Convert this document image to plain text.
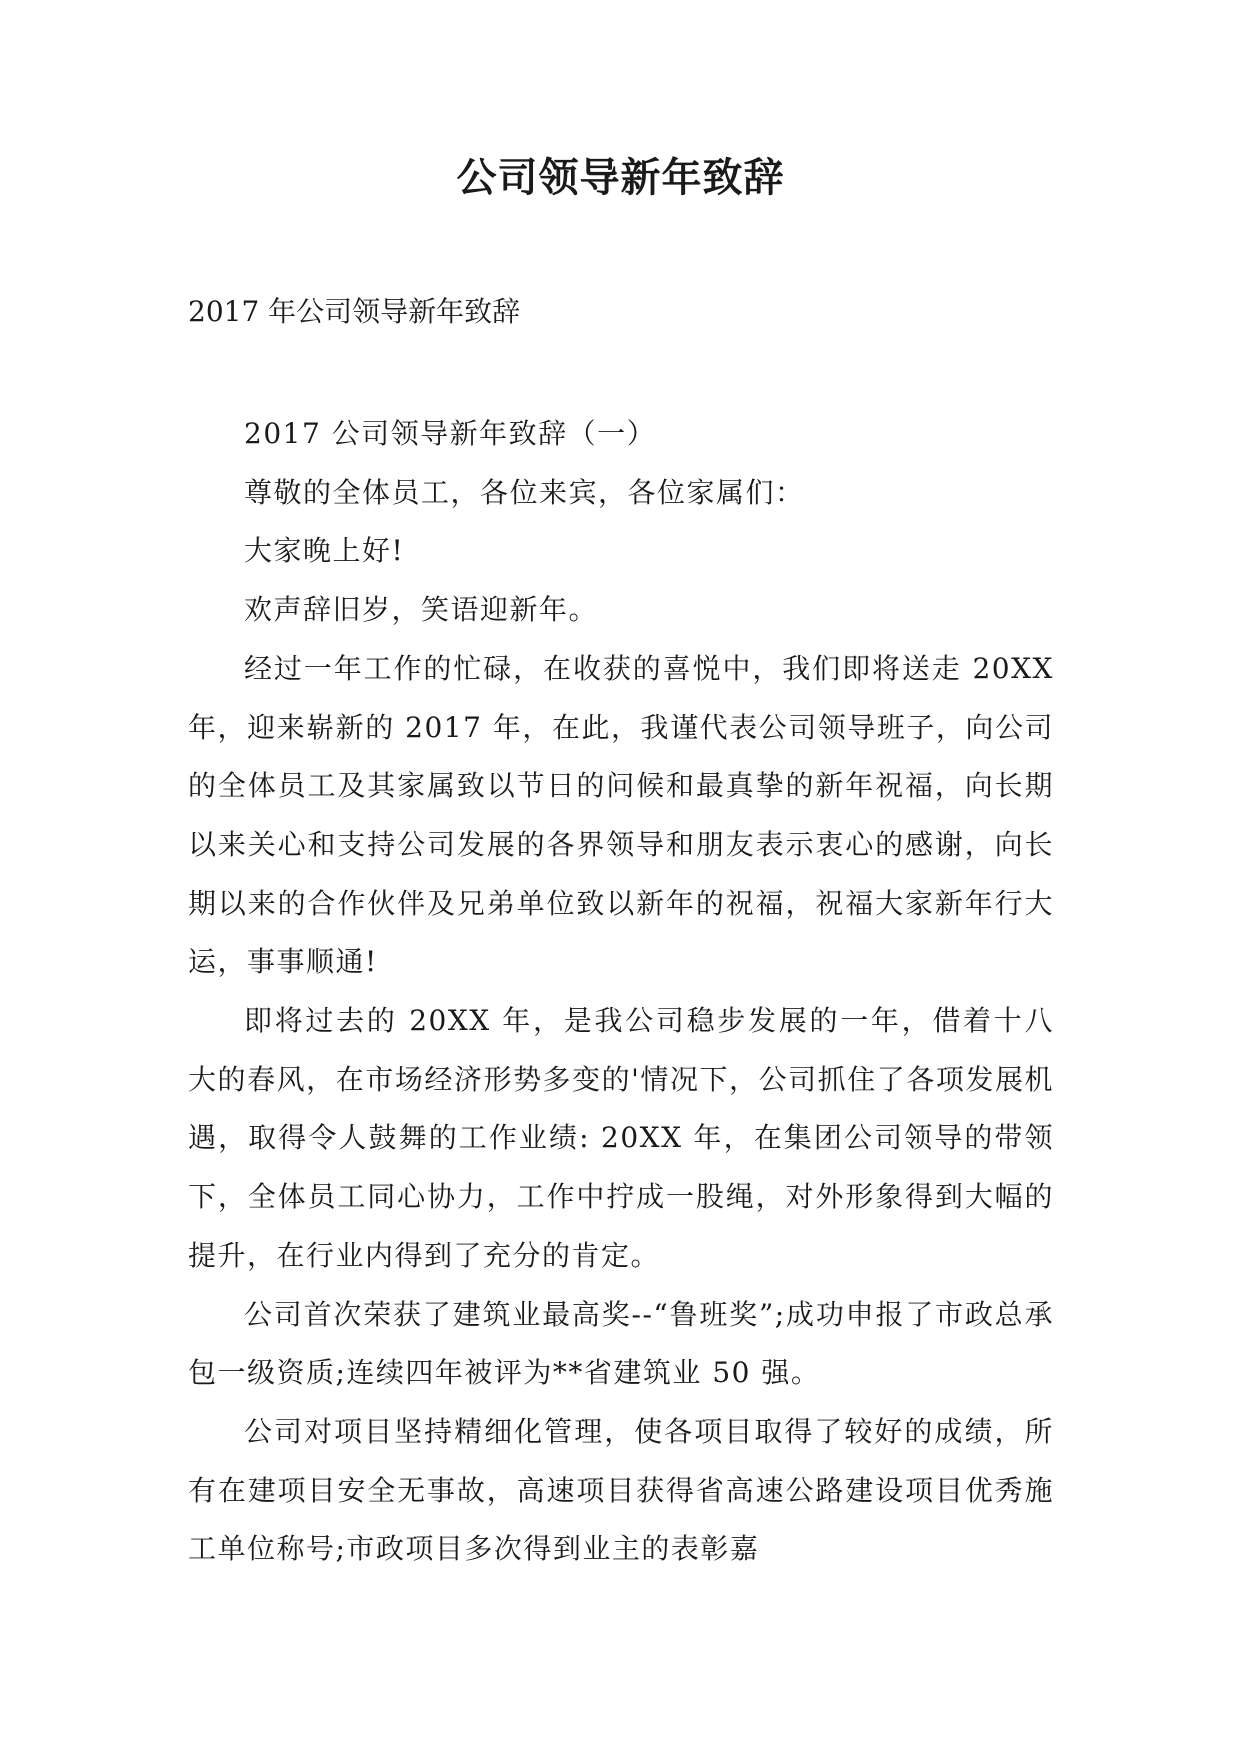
公司领导新年致辞

2017 年公司领导新年致辞

2017 公司领导新年致辞（一）

尊敬的全体员工，各位来宾，各位家属们：

大家晚上好!

欢声辞旧岁，笑语迎新年。

经过一年工作的忙碌，在收获的喜悦中，我们即将送走 20XX 年，迎来崭新的 2017 年，在此，我谨代表公司领导班子，向公司的全体员工及其家属致以节日的问候和最真挚的新年祝福，向长期以来关心和支持公司发展的各界领导和朋友表示衷心的感谢，向长期以来的合作伙伴及兄弟单位致以新年的祝福，祝福大家新年行大运，事事顺通!

即将过去的 20XX 年，是我公司稳步发展的一年，借着十八大的春风，在市场经济形势多变的'情况下，公司抓住了各项发展机遇，取得令人鼓舞的工作业绩: 20XX 年，在集团公司领导的带领下，全体员工同心协力，工作中拧成一股绳，对外形象得到大幅的提升，在行业内得到了充分的肯定。

公司首次荣获了建筑业最高奖--“鲁班奖”;成功申报了市政总承包一级资质;连续四年被评为**省建筑业 50 强。

公司对项目坚持精细化管理，使各项目取得了较好的成绩，所有在建项目安全无事故，高速项目获得省高速公路建设项目优秀施工单位称号;市政项目多次得到业主的表彰嘉
